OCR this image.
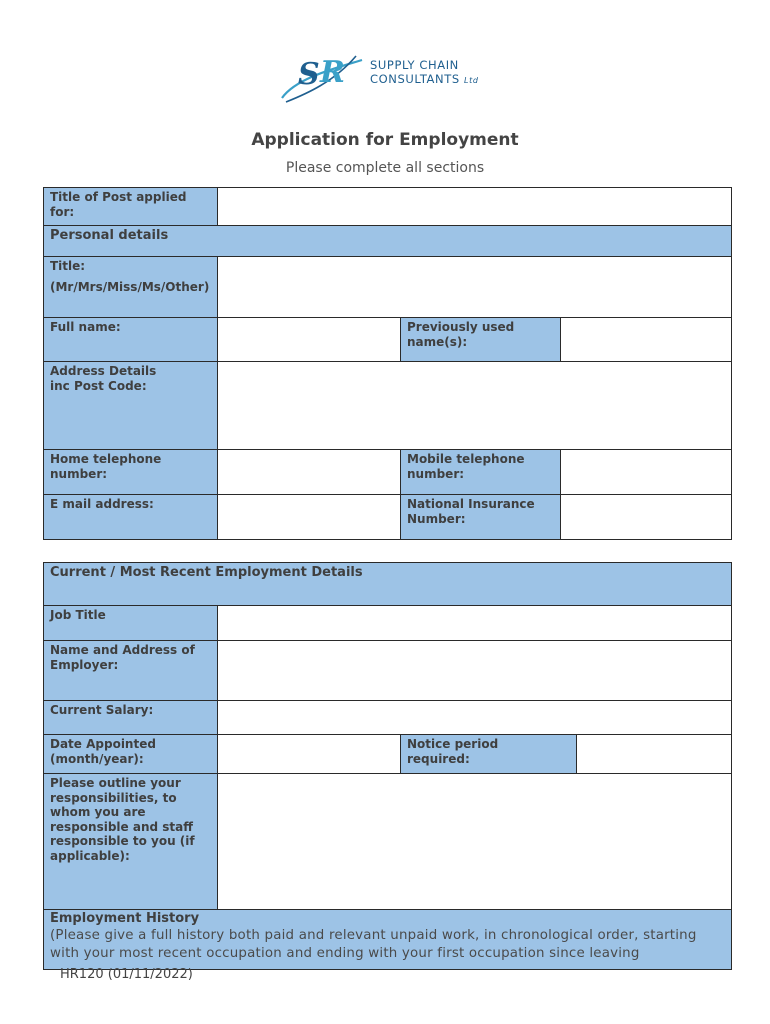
S R SUPPLY CHAIN
CONSULTANTS Ltd
Application for Employment
Please complete all sections

Title of Post applied for:

Personal details

Title:

(Mr/Mrs/Miss/Ms/Other)

Full name:	Previously used name(s):

Address Details inc Post Code:

Home telephone number:

Mobile telephone number:

E mail address:	National Insurance Number:

Current / Most Recent Employment Details

Job Title

Name and Address of Employer:

Current Salary:

Date Appointed (month/year):

Notice period required:

Please outline your responsibilities, to whom you are responsible and staff responsible to you (if applicable):

Employment History

(Please give a full history both paid and relevant unpaid work, in chronological order, starting with your most recent occupation and ending with your first occupation since leaving

HR120 (01/11/2022)
